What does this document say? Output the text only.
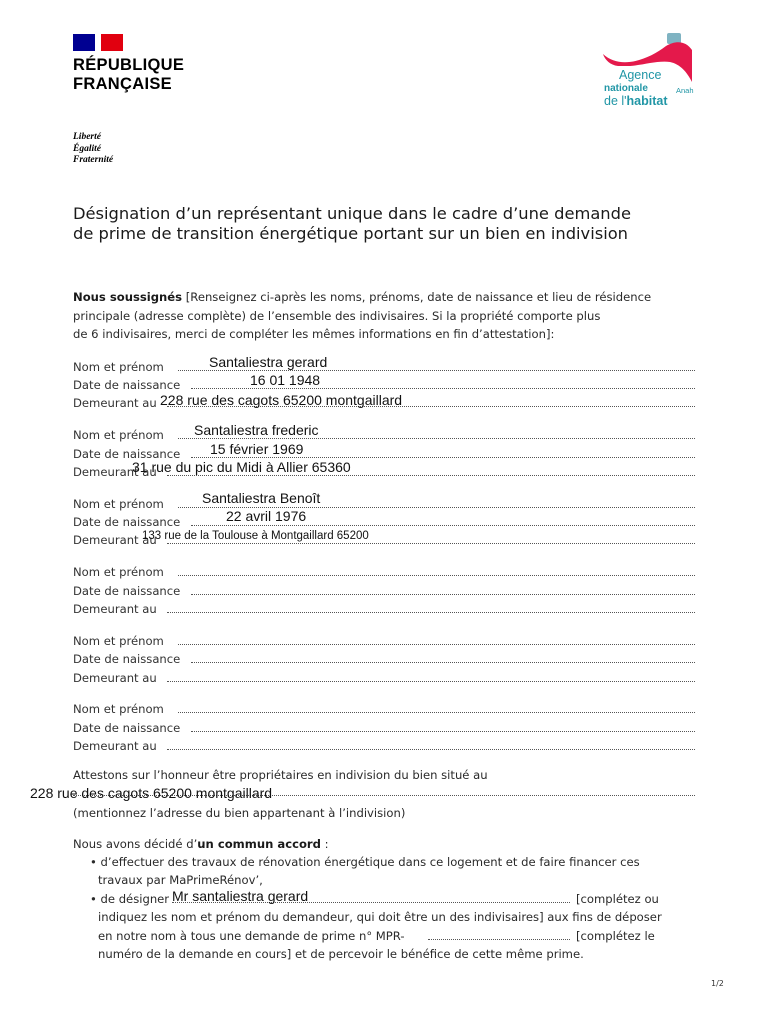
RÉPUBLIQUE
FRANÇAISE
Liberté
Égalité
Fraternité
Agence
nationale	Anah
de l'habitat
Désignation d’un représentant unique dans le cadre d’une demande
de prime de transition énergétique portant sur un bien en indivision
Nous soussignés [Renseignez ci-après les noms, prénoms, date de naissance et lieu de résidence
principale (adresse complète) de l’ensemble des indivisaires. Si la propriété comporte plus
de 6 indivisaires, merci de compléter les mêmes informations en fin d’attestation]:
Nom et prénom	Santaliestra gerard
Date de naissance	16 01 1948
Demeurant au 228 rue des cagots 65200 montgaillard
Nom et prénom Santaliestra frederic
Date de naissance 15 février 1969
Demeurant au
31 rue du pic du Midi à Allier 65360
Nom et prénom	Santaliestra Benoît
Date de naissance	22 avril 1976
Demeurant au
133 rue de la Toulouse à Montgaillard 65200
Nom et prénom
Date de naissance
Demeurant au
Nom et prénom
Date de naissance
Demeurant au
Nom et prénom
Date de naissance
Demeurant au
Attestons sur l’honneur être propriétaires en indivision du bien situé au
228 rue des cagots 65200 montgaillard
(mentionnez l’adresse du bien appartenant à l’indivision)
Nous avons décidé d’un commun accord :
• d’effectuer des travaux de rénovation énergétique dans ce logement et de faire financer ces
travaux par MaPrimeRénov’,
• de désigner Mr santaliestra gerard	[complétez ou
indiquez les nom et prénom du demandeur, qui doit être un des indivisaires] aux fins de déposer
en notre nom à tous une demande de prime n° MPR-	[complétez le
numéro de la demande en cours] et de percevoir le bénéfice de cette même prime.
1/2
